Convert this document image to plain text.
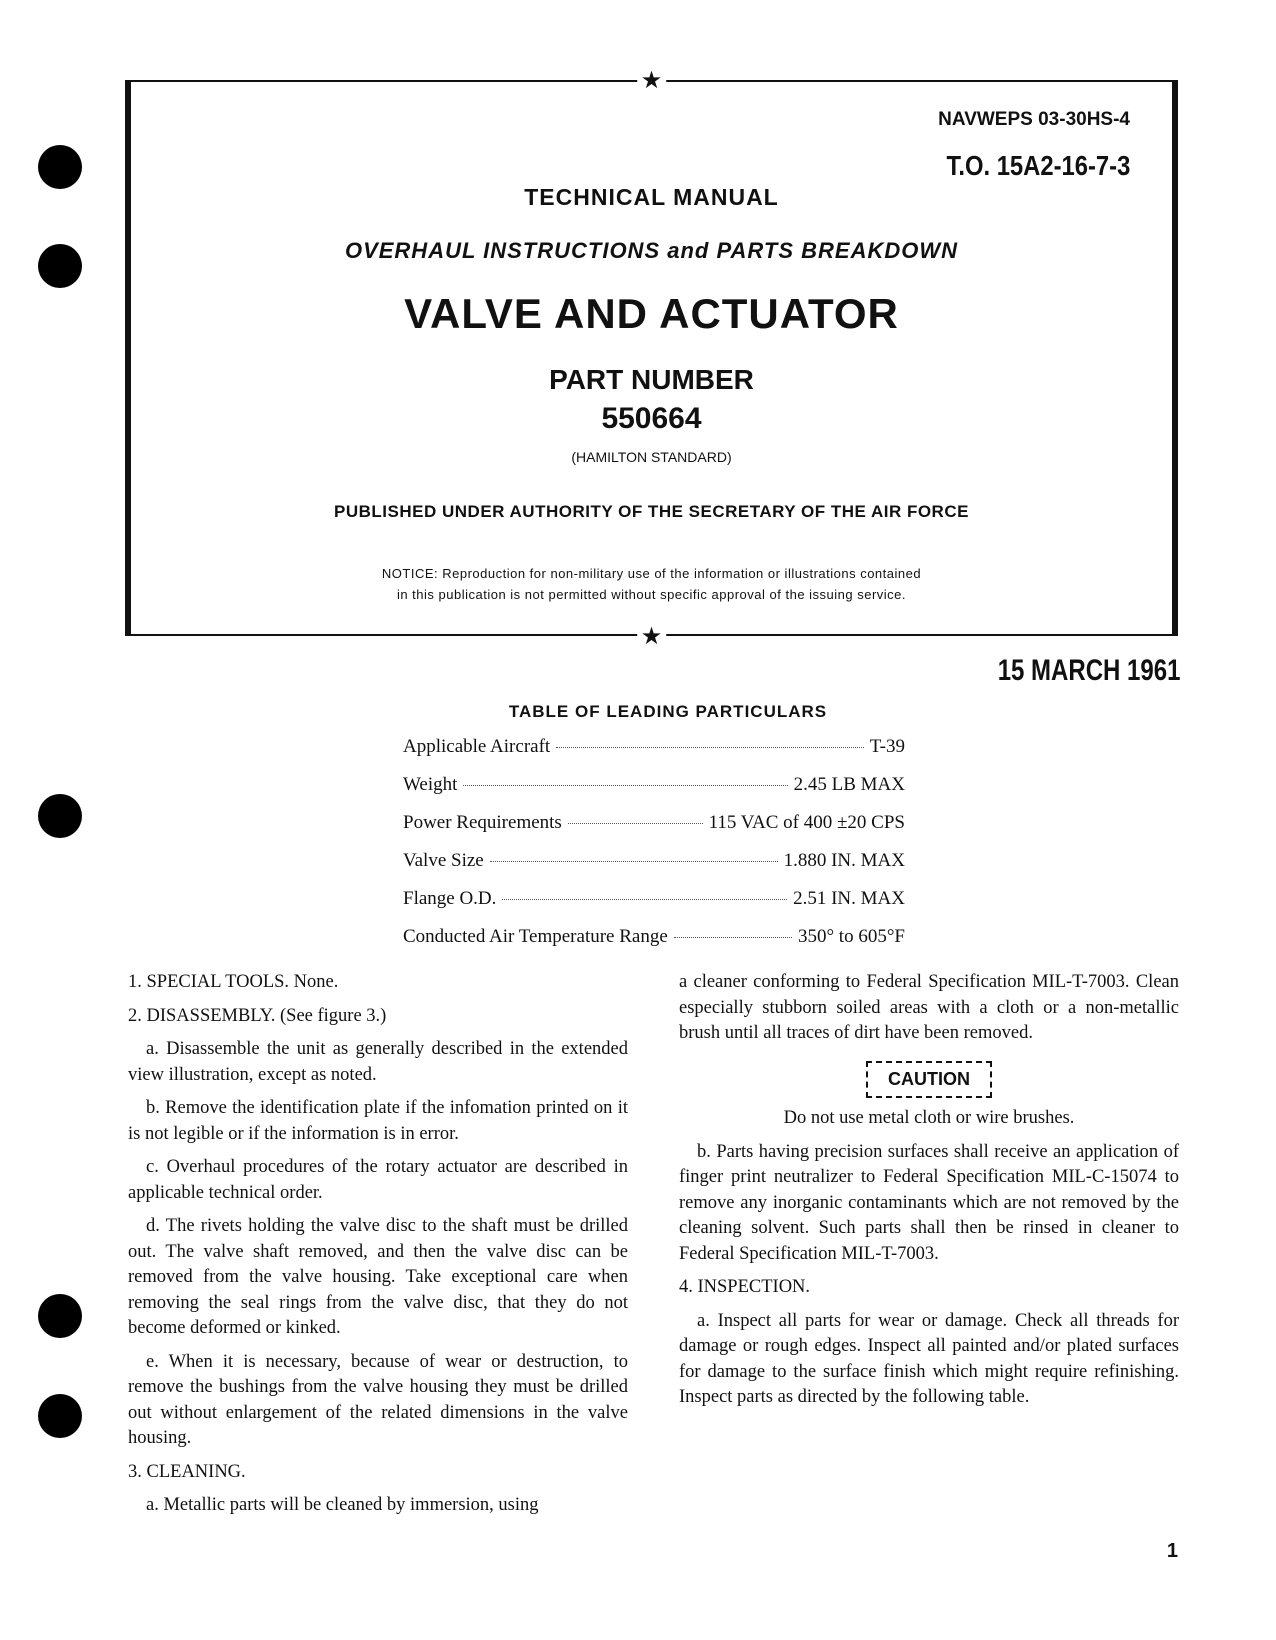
★
★
NAVWEPS 03-30HS-4
T.O. 15A2-16-7-3
TECHNICAL MANUAL
OVERHAUL INSTRUCTIONS and PARTS BREAKDOWN
VALVE AND ACTUATOR
PART NUMBER
550664
(HAMILTON STANDARD)
PUBLISHED UNDER AUTHORITY OF THE SECRETARY OF THE AIR FORCE
NOTICE: Reproduction for non-military use of the information or illustrations contained
in this publication is not permitted without specific approval of the issuing service.
15 MARCH 1961
TABLE OF LEADING PARTICULARS
Applicable Aircraft	T-39
Weight	2.45 LB MAX
Power Requirements	115 VAC of 400 ±20 CPS
Valve Size	1.880 IN. MAX
Flange O.D.	2.51 IN. MAX
Conducted Air Temperature Range	350° to 605°F

1. SPECIAL TOOLS. None.

2. DISASSEMBLY. (See figure 3.)

a. Disassemble the unit as generally described in the extended view illustration, except as noted.

b. Remove the identification plate if the infomation printed on it is not legible or if the information is in error.

c. Overhaul procedures of the rotary actuator are described in applicable technical order.

d. The rivets holding the valve disc to the shaft must be drilled out. The valve shaft removed, and then the valve disc can be removed from the valve housing. Take exceptional care when removing the seal rings from the valve disc, that they do not become deformed or kinked.

e. When it is necessary, because of wear or destruction, to remove the bushings from the valve housing they must be drilled out without enlargement of the related dimensions in the valve housing.

3. CLEANING.

a. Metallic parts will be cleaned by immersion, using

a cleaner conforming to Federal Specification MIL-T-7003. Clean especially stubborn soiled areas with a cloth or a non-metallic brush until all traces of dirt have been removed.

CAUTION

Do not use metal cloth or wire brushes.

b. Parts having precision surfaces shall receive an application of finger print neutralizer to Federal Specification MIL-C-15074 to remove any inorganic contaminants which are not removed by the cleaning solvent. Such parts shall then be rinsed in cleaner to Federal Specification MIL-T-7003.

4. INSPECTION.

a. Inspect all parts for wear or damage. Check all threads for damage or rough edges. Inspect all painted and/or plated surfaces for damage to the surface finish which might require refinishing. Inspect parts as directed by the following table.

1
